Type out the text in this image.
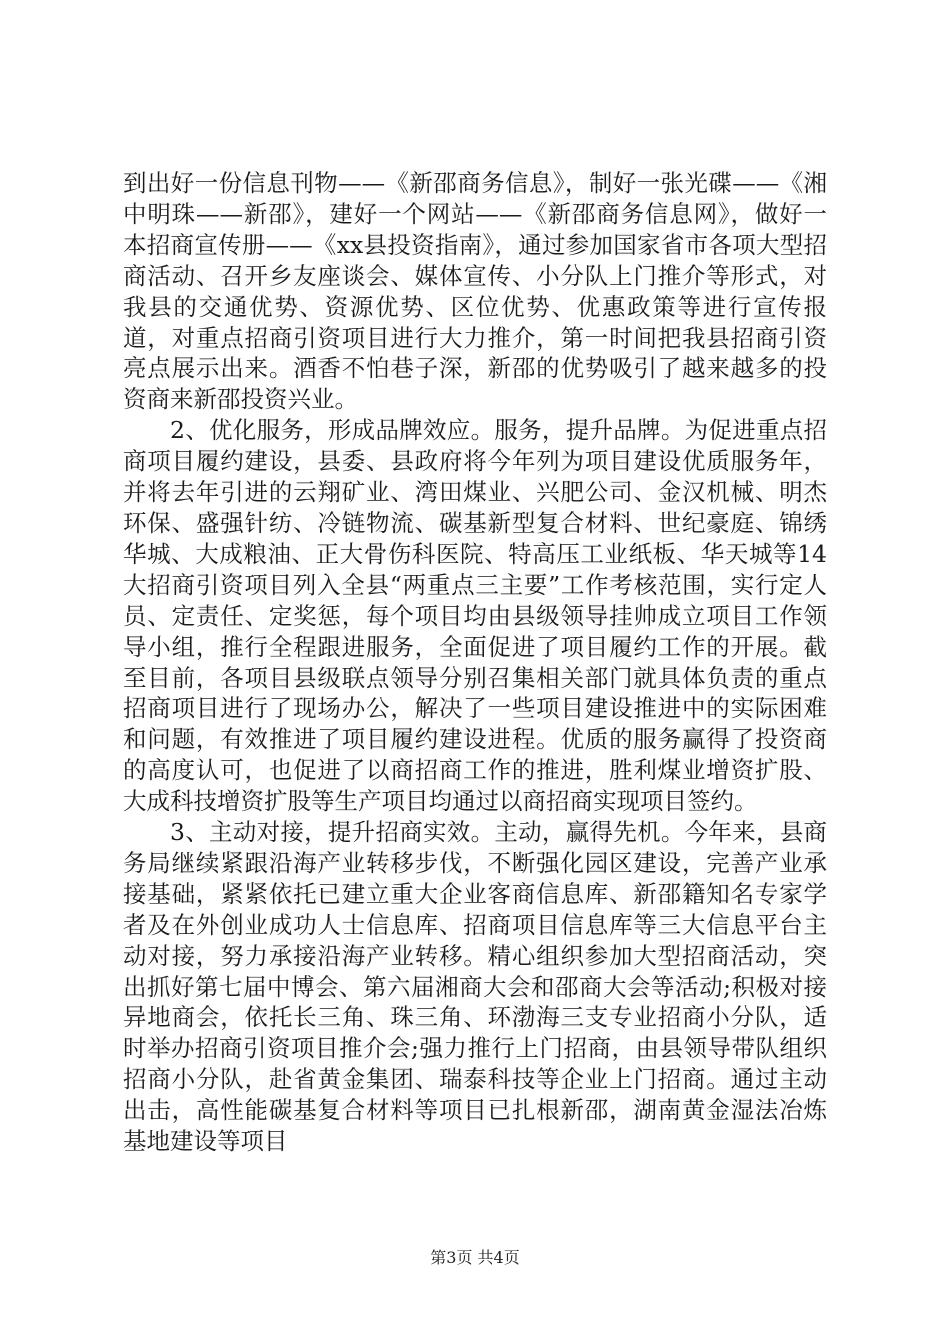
到出好一份信息刊物——《新邵商务信息》，制好一张光碟——《湘中明珠——新邵》，建好一个网站——《新邵商务信息网》，做好一本招商宣传册——《xx县投资指南》，通过参加国家省市各项大型招商活动、召开乡友座谈会、媒体宣传、小分队上门推介等形式，对我县的交通优势、资源优势、区位优势、优惠政策等进行宣传报道，对重点招商引资项目进行大力推介，第一时间把我县招商引资亮点展示出来。酒香不怕巷子深，新邵的优势吸引了越来越多的投资商来新邵投资兴业。

2、优化服务，形成品牌效应。服务，提升品牌。为促进重点招商项目履约建设，县委、县政府将今年列为项目建设优质服务年，并将去年引进的云翔矿业、湾田煤业、兴肥公司、金汉机械、明杰环保、盛强针纺、冷链物流、碳基新型复合材料、世纪豪庭、锦绣华城、大成粮油、正大骨伤科医院、特高压工业纸板、华天城等14大招商引资项目列入全县“两重点三主要”工作考核范围，实行定人员、定责任、定奖惩，每个项目均由县级领导挂帅成立项目工作领导小组，推行全程跟进服务，全面促进了项目履约工作的开展。截至目前，各项目县级联点领导分别召集相关部门就具体负责的重点招商项目进行了现场办公，解决了一些项目建设推进中的实际困难和问题，有效推进了项目履约建设进程。优质的服务赢得了投资商的高度认可，也促进了以商招商工作的推进，胜利煤业增资扩股、大成科技增资扩股等生产项目均通过以商招商实现项目签约。

3、主动对接，提升招商实效。主动，赢得先机。今年来，县商务局继续紧跟沿海产业转移步伐，不断强化园区建设，完善产业承接基础，紧紧依托已建立重大企业客商信息库、新邵籍知名专家学者及在外创业成功人士信息库、招商项目信息库等三大信息平台主动对接，努力承接沿海产业转移。精心组织参加大型招商活动，突出抓好第七届中博会、第六届湘商大会和邵商大会等活动;积极对接异地商会，依托长三角、珠三角、环渤海三支专业招商小分队，适时举办招商引资项目推介会;强力推行上门招商，由县领导带队组织招商小分队，赴省黄金集团、瑞泰科技等企业上门招商。通过主动出击，高性能碳基复合材料等项目已扎根新邵，湖南黄金湿法冶炼基地建设等项目

第3页 共4页
